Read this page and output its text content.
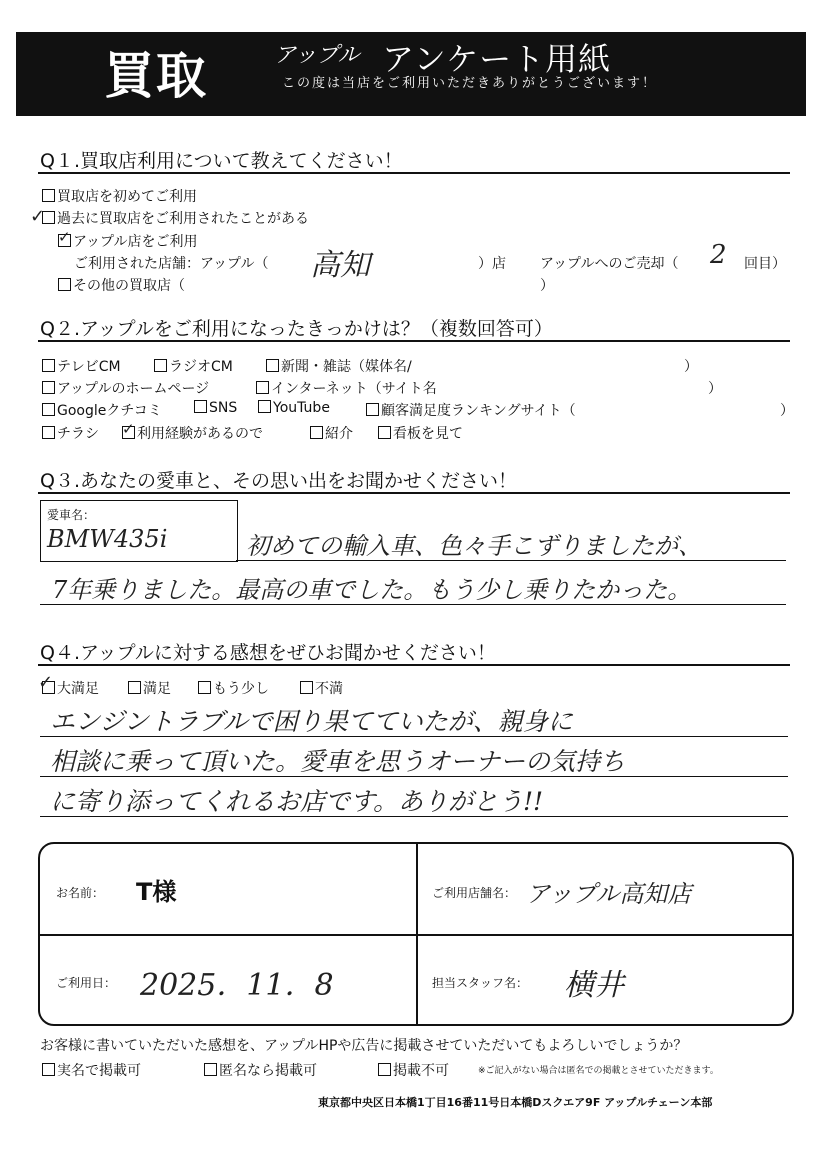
買取	アップル アンケート用紙
この度は当店をご利用いただきありがとうございます！
Q１.買取店利用について教えてください！
買取店を初めてご利用
✓ 過去に買取店をご利用されたことがある
アップル店をご利用
✓
ご利用された店舗：アップル（ 高知	）店 アップルへのご売却（ 2 回目）
その他の買取店（	）
Q２.アップルをご利用になったきっかけは？（複数回答可）
テレビCM	ラジオCM	新聞・雑誌（媒体名/	）
アップルのホームページ	インターネット（サイト名	）
Googleクチコミ	SNS	YouTube	顧客満足度ランキングサイト（	）
チラシ	利用経験があるので
✓	紹介	看板を見て
Q３.あなたの愛車と、その思い出をお聞かせください！
愛車名：
BMW435i	初めての輸入車、色々手こずりましたが、
7年乗りました。最高の車でした。もう少し乗りたかった。
Q４.アップルに対する感想をぜひお聞かせください！
大満足
✓	満足	もう少し	不満
エンジントラブルで困り果てていたが、親身に
相談に乗って頂いた。愛車を思うオーナーの気持ち
に寄り添ってくれるお店です。ありがとう!!
お名前： T様	ご利用店舗名： アップル高知店
ご利用日： 2025．11．8	担当スタッフ名： 横井
お客様に書いていただいた感想を、アップルHPや広告に掲載させていただいてもよろしいでしょうか？
実名で掲載可	匿名なら掲載可	掲載不可	※ご記入がない場合は匿名での掲載とさせていただきます。
東京都中央区日本橋1丁目16番11号日本橋Dスクエア9F アップルチェーン本部
